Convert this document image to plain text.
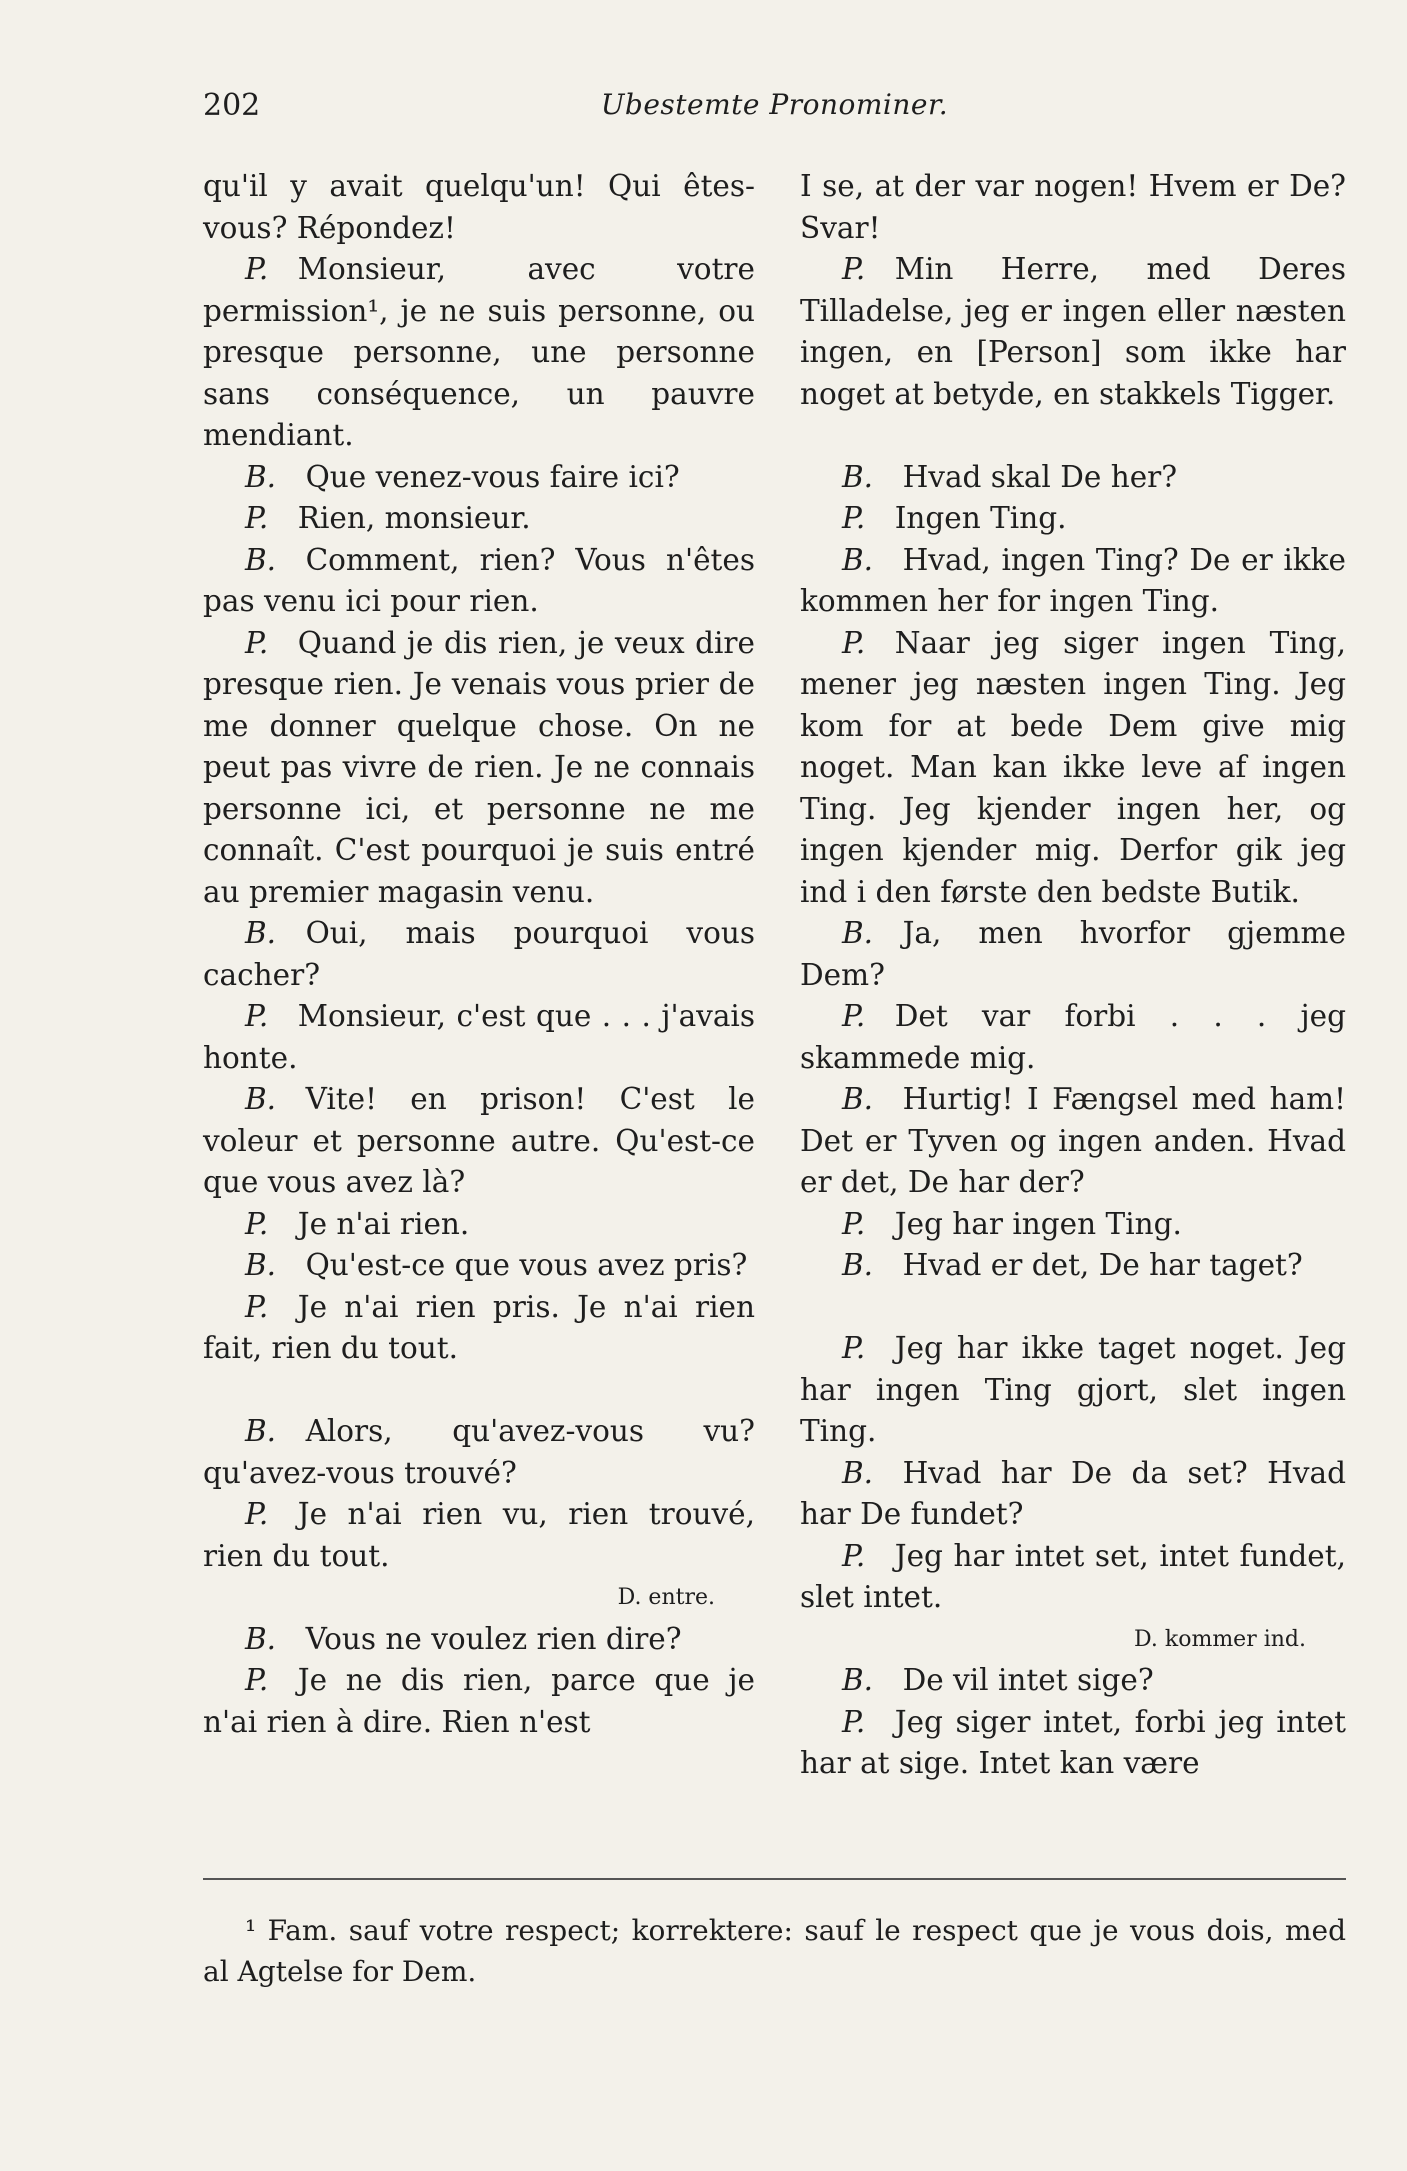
202	Ubestemte Pronominer.

qu'il y avait quelqu'un! Qui êtes-vous? Répondez!

P.  Monsieur, avec votre permission¹, je ne suis personne, ou presque personne, une personne sans conséquence, un pauvre mendiant.

B.  Que venez-vous faire ici?

P.  Rien, monsieur.

B.  Comment, rien? Vous n'êtes pas venu ici pour rien.

P.  Quand je dis rien, je veux dire presque rien. Je venais vous prier de me donner quelque chose. On ne peut pas vivre de rien. Je ne connais personne ici, et personne ne me connaît. C'est pourquoi je suis entré au premier magasin venu.

B.  Oui, mais pourquoi vous cacher?

P.  Monsieur, c'est que . . . j'avais honte.

B.  Vite! en prison! C'est le voleur et personne autre. Qu'est-ce que vous avez là?

P.  Je n'ai rien.

B.  Qu'est-ce que vous avez pris?

P.  Je n'ai rien pris. Je n'ai rien fait, rien du tout.

B.  Alors, qu'avez-vous vu? qu'avez-vous trouvé?

P.  Je n'ai rien vu, rien trouvé, rien du tout.

D. entre.

B.  Vous ne voulez rien dire?

P.  Je ne dis rien, parce que je n'ai rien à dire. Rien n'est

I se, at der var nogen! Hvem er De? Svar!

P.  Min Herre, med Deres Tilladelse, jeg er ingen eller næsten ingen, en [Person] som ikke har noget at betyde, en stakkels Tigger.

B.  Hvad skal De her?

P.  Ingen Ting.

B.  Hvad, ingen Ting? De er ikke kommen her for ingen Ting.

P.  Naar jeg siger ingen Ting, mener jeg næsten ingen Ting. Jeg kom for at bede Dem give mig noget. Man kan ikke leve af ingen Ting. Jeg kjender ingen her, og ingen kjender mig. Derfor gik jeg ind i den første den bedste Butik.

B.  Ja, men hvorfor gjemme Dem?

P.  Det var forbi . . . jeg skammede mig.

B.  Hurtig! I Fængsel med ham! Det er Tyven og ingen anden. Hvad er det, De har der?

P.  Jeg har ingen Ting.

B.  Hvad er det, De har taget?

P.  Jeg har ikke taget noget. Jeg har ingen Ting gjort, slet ingen Ting.

B.  Hvad har De da set? Hvad har De fundet?

P.  Jeg har intet set, intet fundet, slet intet.

D. kommer ind.

B.  De vil intet sige?

P.  Jeg siger intet, forbi jeg intet har at sige. Intet kan være

¹ Fam. sauf votre respect; korrektere: sauf le respect que je vous dois, med al Agtelse for Dem.
